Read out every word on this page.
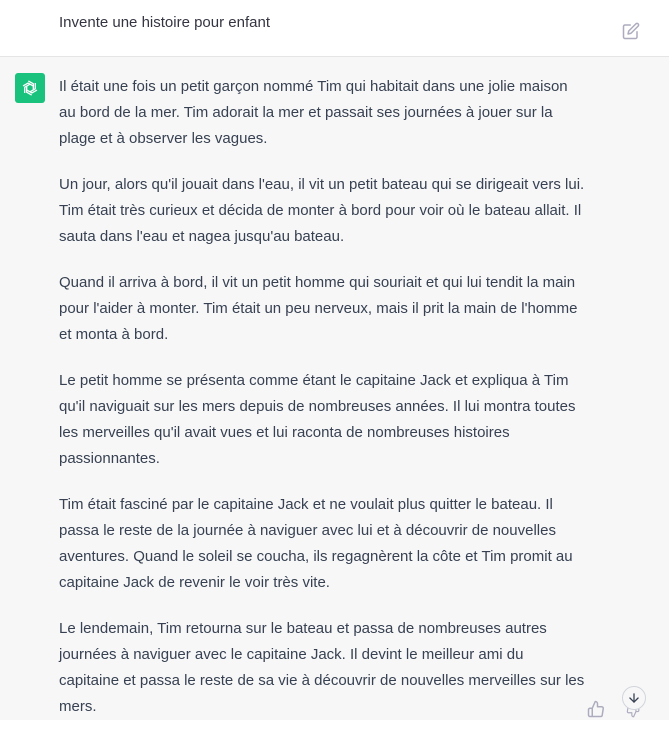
Invente une histoire pour enfant

Il était une fois un petit garçon nommé Tim qui habitait dans une jolie maison
au bord de la mer. Tim adorait la mer et passait ses journées à jouer sur la
plage et à observer les vagues.

Un jour, alors qu'il jouait dans l'eau, il vit un petit bateau qui se dirigeait vers lui.
Tim était très curieux et décida de monter à bord pour voir où le bateau allait. Il
sauta dans l'eau et nagea jusqu'au bateau.

Quand il arriva à bord, il vit un petit homme qui souriait et qui lui tendit la main
pour l'aider à monter. Tim était un peu nerveux, mais il prit la main de l'homme
et monta à bord.

Le petit homme se présenta comme étant le capitaine Jack et expliqua à Tim
qu'il naviguait sur les mers depuis de nombreuses années. Il lui montra toutes
les merveilles qu'il avait vues et lui raconta de nombreuses histoires
passionnantes.

Tim était fasciné par le capitaine Jack et ne voulait plus quitter le bateau. Il
passa le reste de la journée à naviguer avec lui et à découvrir de nouvelles
aventures. Quand le soleil se coucha, ils regagnèrent la côte et Tim promit au
capitaine Jack de revenir le voir très vite.

Le lendemain, Tim retourna sur le bateau et passa de nombreuses autres
journées à naviguer avec le capitaine Jack. Il devint le meilleur ami du
capitaine et passa le reste de sa vie à découvrir de nouvelles merveilles sur les
mers.
